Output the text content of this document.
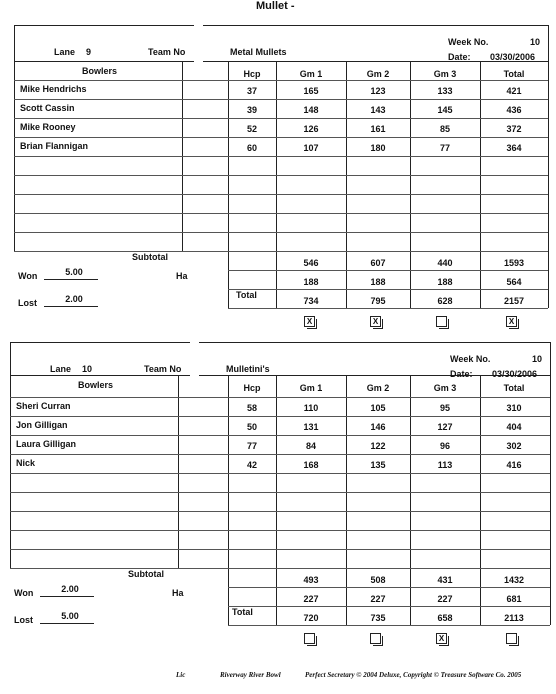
Mullet -
Bowlers	Hcp	Gm 1	Gm 2	Gm 3	Total
Lane 9	Team No	Metal Mullets
Week No.	10
Date: 03/30/2006
Mike Hendrichs	37	165	123	133	421
Scott Cassin	39	148	143	145	436
Mike Rooney	52	126	161	85	372
Brian Flannigan	60	107	180	77	364
Subtotal
546	607	440	1593
Ha
188	188	188	564
Total
734	795	628	2157
Won	5.00
Lost	2.00
X	X	X
Bowlers	Hcp	Gm 1	Gm 2	Gm 3	Total
Lane 10	Team No	Mulletini's
Week No.	10
Date: 03/30/2006
Sheri Curran	58	110	105	95	310
Jon Gilligan	50	131	146	127	404
Laura Gilligan	77	84	122	96	302
Nick	42	168	135	113	416
Subtotal
493	508	431	1432
Ha
227	227	227	681
Total
720	735	658	2113
Won	2.00
Lost	5.00
X
Lic	Riverway River Bowl	Perfect Secretary © 2004 Deluxe, Copyright © Treasure Software Co. 2005
